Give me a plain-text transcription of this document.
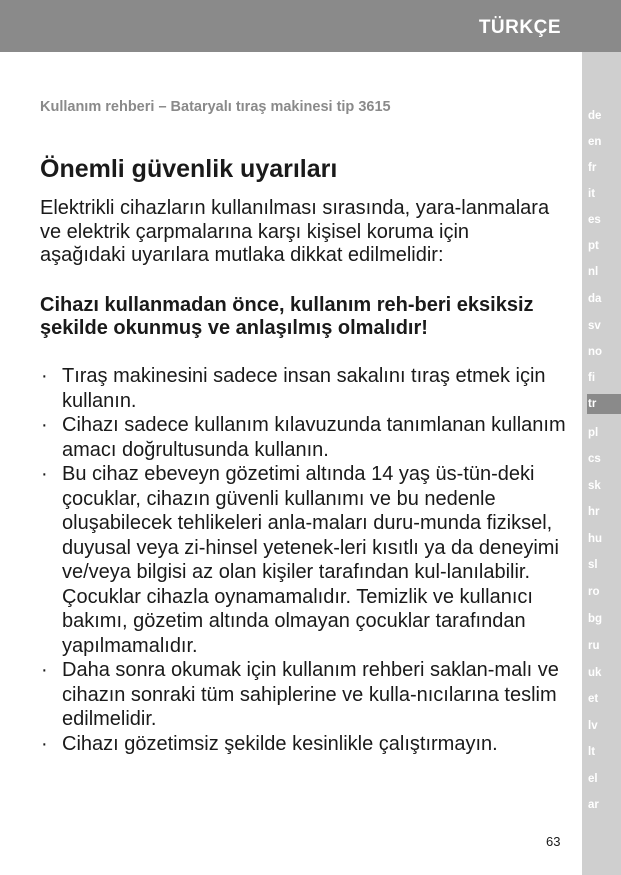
TÜRKÇE
de
en
fr
it
es
pt
nl
da
sv
no
fi
tr
pl
cs
sk
hr
hu
sl
ro
bg
ru
uk
et
lv
lt
el
ar
Kullanım rehberi – Bataryalı tıraş makinesi tip 3615
Önemli güvenlik uyarıları
Elektrikli cihazların kullanılması sırasında, yara-lanmalara ve elektrik çarpmalarına karşı kişisel koruma için aşağıdaki uyarılara mutlaka dikkat edilmelidir:
Cihazı kullanmadan önce, kullanım reh-beri eksiksiz şekilde okunmuş ve anlaşılmış olmalıdır!
· Tıraş makinesini sadece insan sakalını tıraş etmek için kullanın.
· Cihazı sadece kullanım kılavuzunda tanımlanan kullanım amacı doğrultusunda kullanın.
· Bu cihaz ebeveyn gözetimi altında 14 yaş üs-tün-deki çocuklar, cihazın güvenli kullanımı ve bu nedenle oluşabilecek tehlikeleri anla-maları duru-munda fiziksel, duyusal veya zi-hinsel yetenek-leri kısıtlı ya da deneyimi ve/veya bilgisi az olan kişiler tarafından kul-lanılabilir. Çocuklar cihazla oynamamalıdır. Temizlik ve kullanıcı bakımı, gözetim altında olmayan çocuklar tarafından yapılmamalıdır.
· Daha sonra okumak için kullanım rehberi saklan-malı ve cihazın sonraki tüm sahiplerine ve kulla-nıcılarına teslim edilmelidir.
· Cihazı gözetimsiz şekilde kesinlikle çalıştırmayın.
63
